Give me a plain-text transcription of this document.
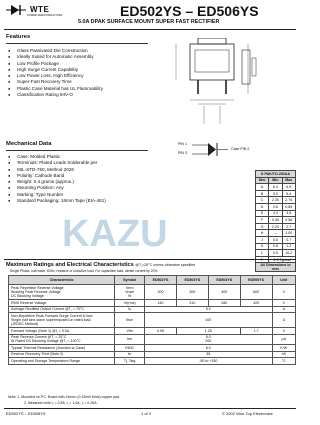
WTE
POWER SEMICONDUCTORS	ED502YS – ED506YS
5.0A DPAK SURFACE MOUNT SUPER FAST RECTIFIER
Features
● Glass Passivated Die Construction
● Ideally Suited for Automatic Assembly
● Low Profile Package
● High Surge Current Capability
● Low Power Loss, High Efficiency
● Super-Fast Recovery Time
● Plastic Case Material has UL Flammability
● Classification Rating 94V-O
PIN 1
PIN 3
Case PIN 2
Mechanical Data
● Case: Molded Plastic
● Terminals: Plated Leads Solderable per
● MIL-STD-750, Method 2026
● Polarity: Cathode Band
● Weight: 0.4 grams (approx.)
● Mounting Position: Any
● Marking: Type Number
● Standard Packaging: 16mm Tape (EIA-481)
D PAK/TO-252AA		
Dim	Min	Max
A	6.4	6.9
B	5.0	5.4
C	2.35	2.75
D	0.6	0.89
E	4.4	4.6
F	0.45	0.58
G	2.20	2.7
H	—	1.00
J	0.5	0.7
K	0.8	1.2
L	9.5	10.2

All Dimensions in mm		
KAZU
Maximum Ratings and Electrical Characteristics @T⁁=25°C unless otherwise specified
Single Phase, half wave, 60Hz, resistive or inductive load. For capacitive load, derate current by 20%.
Characteristic	Symbol	ED502YS	ED503YS	ED504YS	ED506YS	Unit
Peak Repetitive Reverse Voltage
Working Peak Reverse Voltage
DC Blocking Voltage	Vrrm
Vrwm
Vr	200	300	400	600	V
RMS Reverse Voltage	Vr(rms)	140	210	280	420	V
Average Rectified Output Current @T⁁ = 75°C	Io	5.0				A
Non-Repetitive Peak Forward Surge Current 8.3ms
Single half sine-wave superimposed on rated load
(JEDEC Method)	Ifsm	100				A
Forward Voltage (Note 1) @I⁁ = 5.0A	Vfm	0.95	1.25		1.7	V
Peak Reverse Current @T⁁ = 25°C
At Rated DC Blocking Voltage @T⁁ = 100°C	Irm	5.0
200				µA
Typical Thermal Resistance (Junction to Case)	RθJC	6.0				K/W
Reverse Recovery Time (Note 2)	trr	35				nS
Operating and Storage Temperature Range	Tj, Tstg	-50 to +150				°C
Note: 1. Mounted on P.C. Board with 14mm² (0.13mm thick) copper pad.
2. Measured with I⁁ = 0.5A, I⁁ = 1.0A, I⁁ = 0.25A.
ED502YS – ED506YS	1 of 2	© 2002 Won-Top Electronics
